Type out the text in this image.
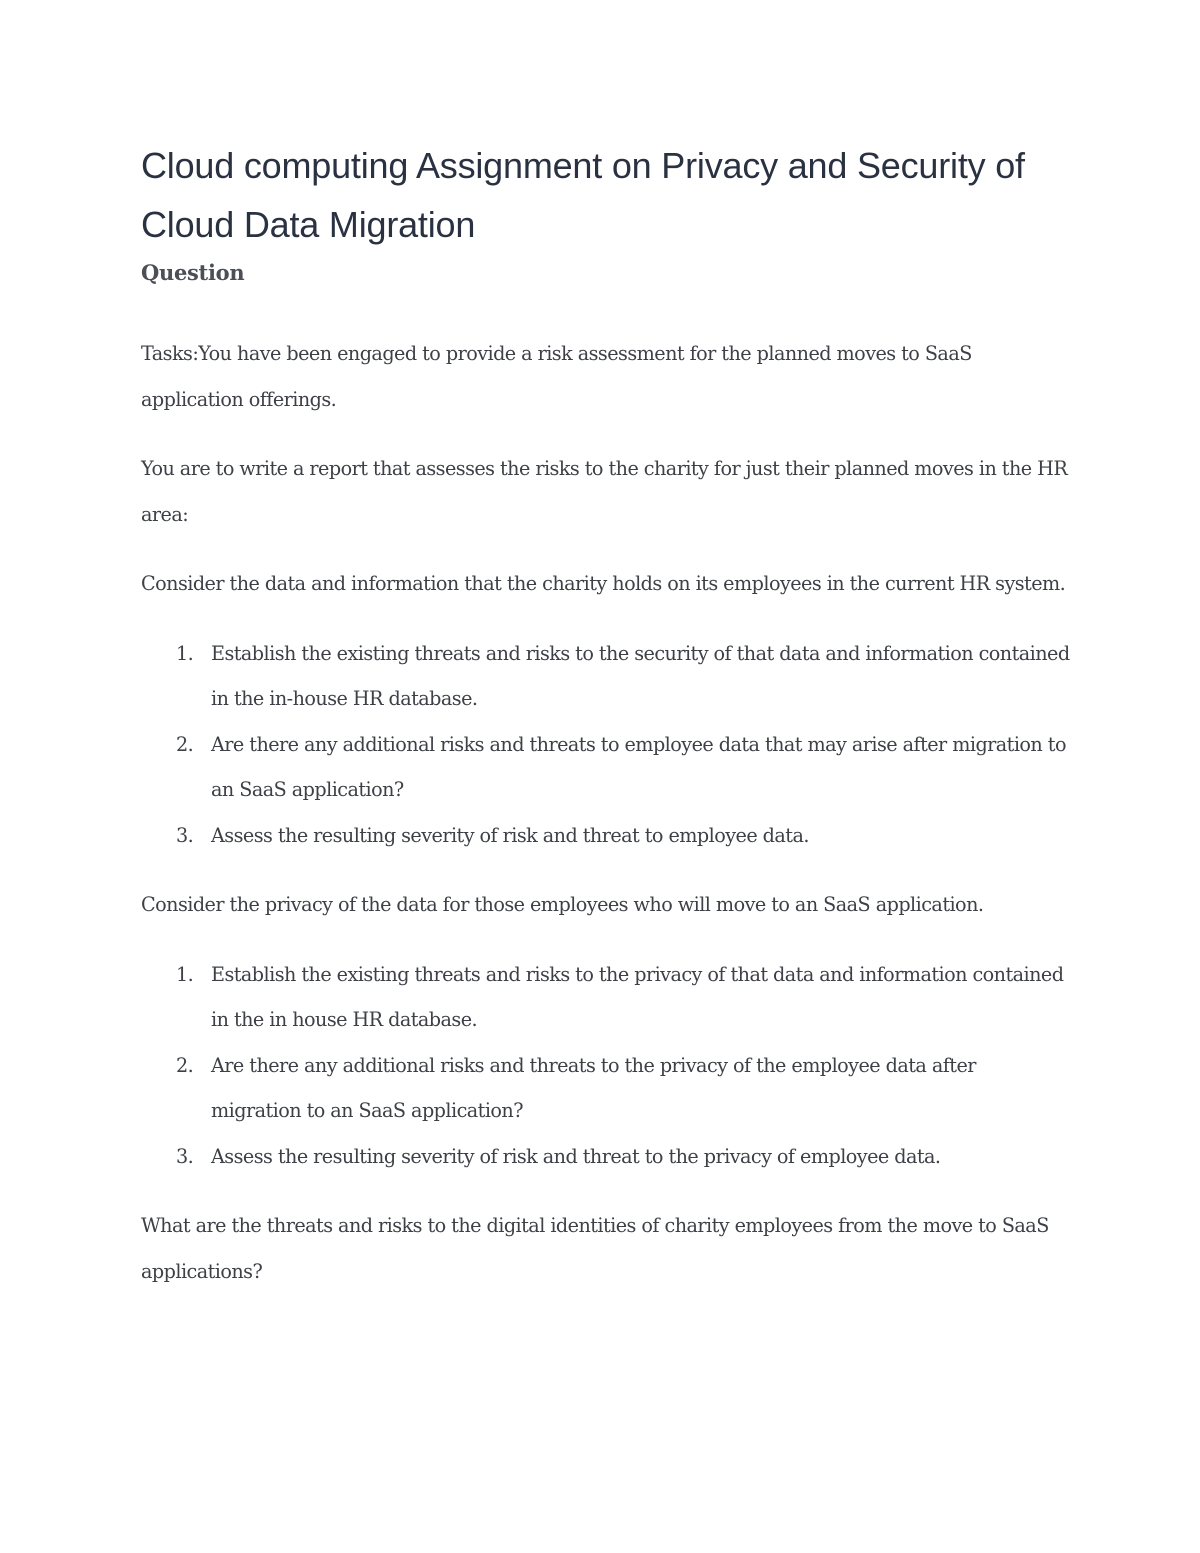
Cloud computing Assignment on Privacy and Security of Cloud Data Migration
Question

Tasks:You have been engaged to provide a risk assessment for the planned moves to SaaS application offerings.

You are to write a report that assesses the risks to the charity for just their planned moves in the HR area:

Consider the data and information that the charity holds on its employees in the current HR system.

1. Establish the existing threats and risks to the security of that data and information contained in the in-house HR database.
2. Are there any additional risks and threats to employee data that may arise after migration to an SaaS application?
3. Assess the resulting severity of risk and threat to employee data.

Consider the privacy of the data for those employees who will move to an SaaS application.

1. Establish the existing threats and risks to the privacy of that data and information contained in the in house HR database.
2. Are there any additional risks and threats to the privacy of the employee data after migration to an SaaS application?
3. Assess the resulting severity of risk and threat to the privacy of employee data.

What are the threats and risks to the digital identities of charity employees from the move to SaaS applications?
